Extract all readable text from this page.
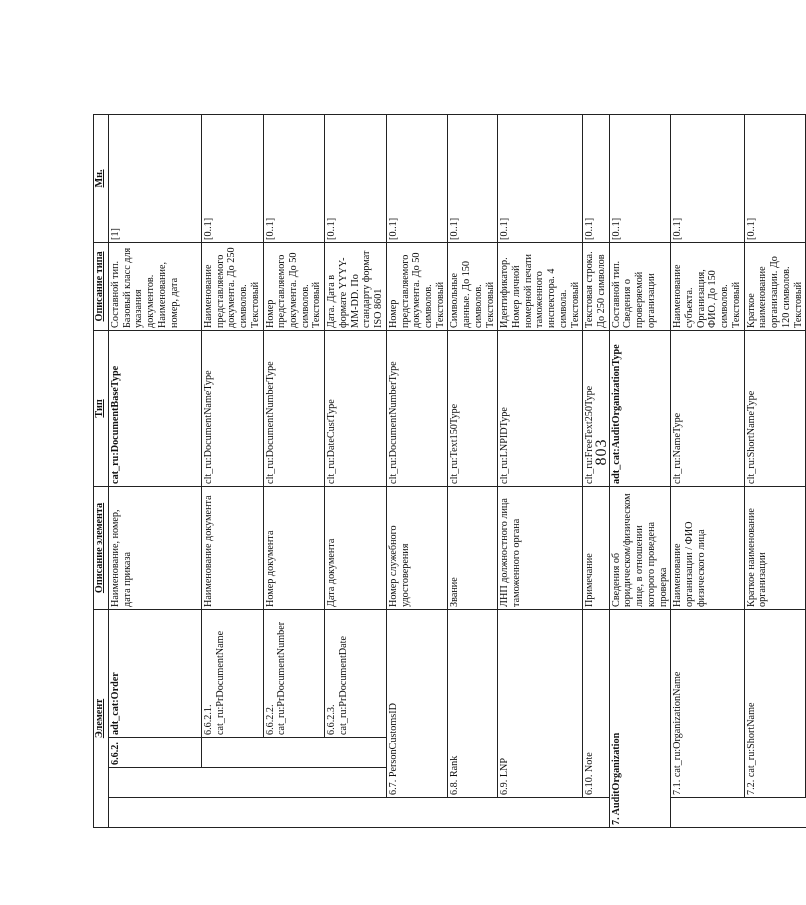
803
Элемент				Описание элемента	Тип	Описание типа	Мн.
		6.6.2.	adt_cat:Order	Наименование, номер, дата приказа	cat_ru:DocumentBaseType	Составной тип. Базовый класс для указания документов. Наименование, номер, дата	[1]
			6.6.2.1. cat_ru:PrDocumentName	Наименование документа	clt_ru:DocumentNameType	Наименование представляемого документа. До 250 символов. Текстовый	[0..1]
			6.6.2.2. cat_ru:PrDocumentNumber	Номер документа	clt_ru:DocumentNumberType	Номер представляемого документа. До 50 символов. Текстовый	[0..1]
			6.6.2.3. cat_ru:PrDocumentDate	Дата документа	clt_ru:DateCustType	Дата. Дата в формате YYYY-MM-DD. По стандарту формат ISO 8601	[0..1]
	6.7. PersonCustomsID			Номер служебного удостоверения	clt_ru:DocumentNumberType	Номер представляемого документа. До 50 символов. Текстовый	[0..1]
	6.8. Rank			Звание	clt_ru:Text150Type	Символьные данные. До 150 символов. Текстовый	[0..1]
	6.9. LNP			ЛНП должностного лица таможенного органа	clt_ru:LNPIDType	Идентификатор. Номер личной номерной печати таможенного инспектора. 4 символа. Текстовый	[0..1]
	6.10. Note			Примечание	clt_ru:FreeText250Type	Текстовая строка. До 250 символов	[0..1]
7. AuditOrganization				Сведения об юридическом/физическом лице, в отношении которого проведена проверка	adt_cat:AuditOrganizationType	Составной тип. Сведения о проверяемой организации	[0..1]
	7.1. cat_ru:OrganizationName			Наименование организации / ФИО физического лица	clt_ru:NameType	Наименование субъекта. Организация, ФИО. До 150 символов. Текстовый	[0..1]
	7.2. cat_ru:ShortName			Краткое наименование организации	clt_ru:ShortNameType	Краткое наименование организации. До 120 символов. Текстовый	[0..1]
